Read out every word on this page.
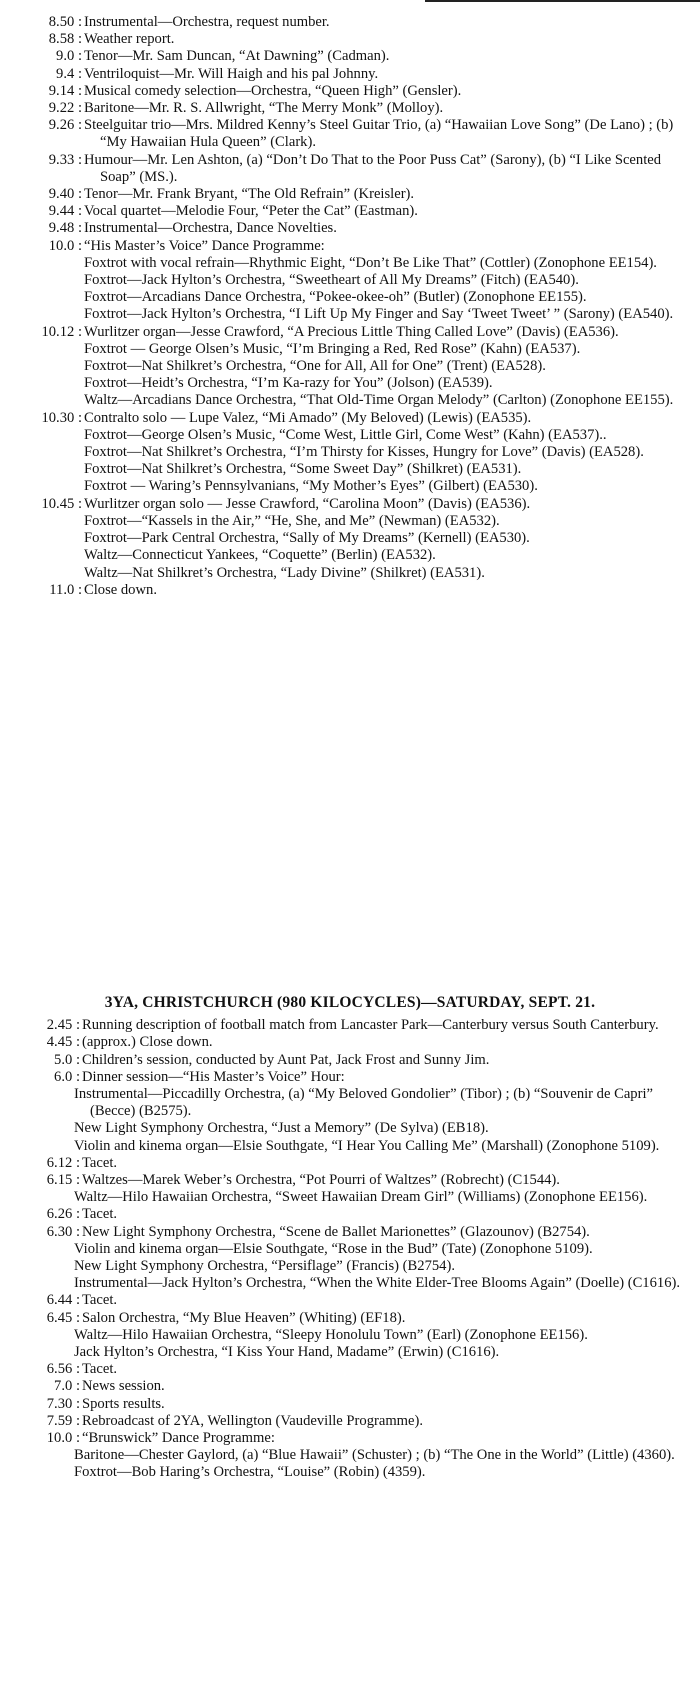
8.50 : Instrumental—Orchestra, request number.
8.58 : Weather report.
9.0 : Tenor—Mr. Sam Duncan, “At Dawning” (Cadman).
9.4 : Ventriloquist—Mr. Will Haigh and his pal Johnny.
9.14 : Musical comedy selection—Orchestra, “Queen High” (Gensler).
9.22 : Baritone—Mr. R. S. Allwright, “The Merry Monk” (Molloy).
9.26 : Steelguitar trio—Mrs. Mildred Kenny’s Steel Guitar Trio, (a) “Hawaiian Love Song” (De Lano) ; (b) “My Hawaiian Hula Queen” (Clark).
9.33 : Humour—Mr. Len Ashton, (a) “Don’t Do That to the Poor Puss Cat” (Sarony), (b) “I Like Scented Soap” (MS.).
9.40 : Tenor—Mr. Frank Bryant, “The Old Refrain” (Kreisler).
9.44 : Vocal quartet—Melodie Four, “Peter the Cat” (Eastman).
9.48 : Instrumental—Orchestra, Dance Novelties.
10.0 : “His Master’s Voice” Dance Programme:
Foxtrot with vocal refrain—Rhythmic Eight, “Don’t Be Like That” (Cottler) (Zonophone EE154).
Foxtrot—Jack Hylton’s Orchestra, “Sweetheart of All My Dreams” (Fitch) (EA540).
Foxtrot—Arcadians Dance Orchestra, “Pokee-okee-oh” (Butler) (Zonophone EE155).
Foxtrot—Jack Hylton’s Orchestra, “I Lift Up My Finger and Say ‘Tweet Tweet’ ” (Sarony) (EA540).
10.12 : Wurlitzer organ—Jesse Crawford, “A Precious Little Thing Called Love” (Davis) (EA536).
Foxtrot — George Olsen’s Music, “I’m Bringing a Red, Red Rose” (Kahn) (EA537).
Foxtrot—Nat Shilkret’s Orchestra, “One for All, All for One” (Trent) (EA528).
Foxtrot—Heidt’s Orchestra, “I’m Ka-razy for You” (Jolson) (EA539).
Waltz—Arcadians Dance Orchestra, “That Old-Time Organ Melody” (Carlton) (Zonophone EE155).
10.30 : Contralto solo — Lupe Valez, “Mi Amado” (My Beloved) (Lewis) (EA535).
Foxtrot—George Olsen’s Music, “Come West, Little Girl, Come West” (Kahn) (EA537)..
Foxtrot—Nat Shilkret’s Orchestra, “I’m Thirsty for Kisses, Hungry for Love” (Davis) (EA528).
Foxtrot—Nat Shilkret’s Orchestra, “Some Sweet Day” (Shilkret) (EA531).
Foxtrot — Waring’s Pennsylvanians, “My Mother’s Eyes” (Gilbert) (EA530).
10.45 : Wurlitzer organ solo — Jesse Crawford, “Carolina Moon” (Davis) (EA536).
Foxtrot—“Kassels in the Air,” “He, She, and Me” (Newman) (EA532).
Foxtrot—Park Central Orchestra, “Sally of My Dreams” (Kernell) (EA530).
Waltz—Connecticut Yankees, “Coquette” (Berlin) (EA532).
Waltz—Nat Shilkret’s Orchestra, “Lady Divine” (Shilkret) (EA531).
11.0 : Close down.
3YA, CHRISTCHURCH (980 KILOCYCLES)—SATURDAY, SEPT. 21.
2.45 : Running description of football match from Lancaster Park—Canterbury versus South Canterbury.
4.45 : (approx.) Close down.
5.0 : Children’s session, conducted by Aunt Pat, Jack Frost and Sunny Jim.
6.0 : Dinner session—“His Master’s Voice” Hour:
Instrumental—Piccadilly Orchestra, (a) “My Beloved Gondolier” (Tibor) ; (b) “Souvenir de Capri” (Becce) (B2575).
New Light Symphony Orchestra, “Just a Memory” (De Sylva) (EB18).
Violin and kinema organ—Elsie Southgate, “I Hear You Calling Me” (Marshall) (Zonophone 5109).
6.12 : Tacet.
6.15 : Waltzes—Marek Weber’s Orchestra, “Pot Pourri of Waltzes” (Robrecht) (C1544).
Waltz—Hilo Hawaiian Orchestra, “Sweet Hawaiian Dream Girl” (Williams) (Zonophone EE156).
6.26 : Tacet.
6.30 : New Light Symphony Orchestra, “Scene de Ballet Marionettes” (Glazounov) (B2754).
Violin and kinema organ—Elsie Southgate, “Rose in the Bud” (Tate) (Zonophone 5109).
New Light Symphony Orchestra, “Persiflage” (Francis) (B2754).
Instrumental—Jack Hylton’s Orchestra, “When the White Elder-Tree Blooms Again” (Doelle) (C1616).
6.44 : Tacet.
6.45 : Salon Orchestra, “My Blue Heaven” (Whiting) (EF18).
Waltz—Hilo Hawaiian Orchestra, “Sleepy Honolulu Town” (Earl) (Zonophone EE156).
Jack Hylton’s Orchestra, “I Kiss Your Hand, Madame” (Erwin) (C1616).
6.56 : Tacet.
7.0 : News session.
7.30 : Sports results.
7.59 : Rebroadcast of 2YA, Wellington (Vaudeville Programme).
10.0 : “Brunswick” Dance Programme:
Baritone—Chester Gaylord, (a) “Blue Hawaii” (Schuster) ; (b) “The One in the World” (Little) (4360).
Foxtrot—Bob Haring’s Orchestra, “Louise” (Robin) (4359).
